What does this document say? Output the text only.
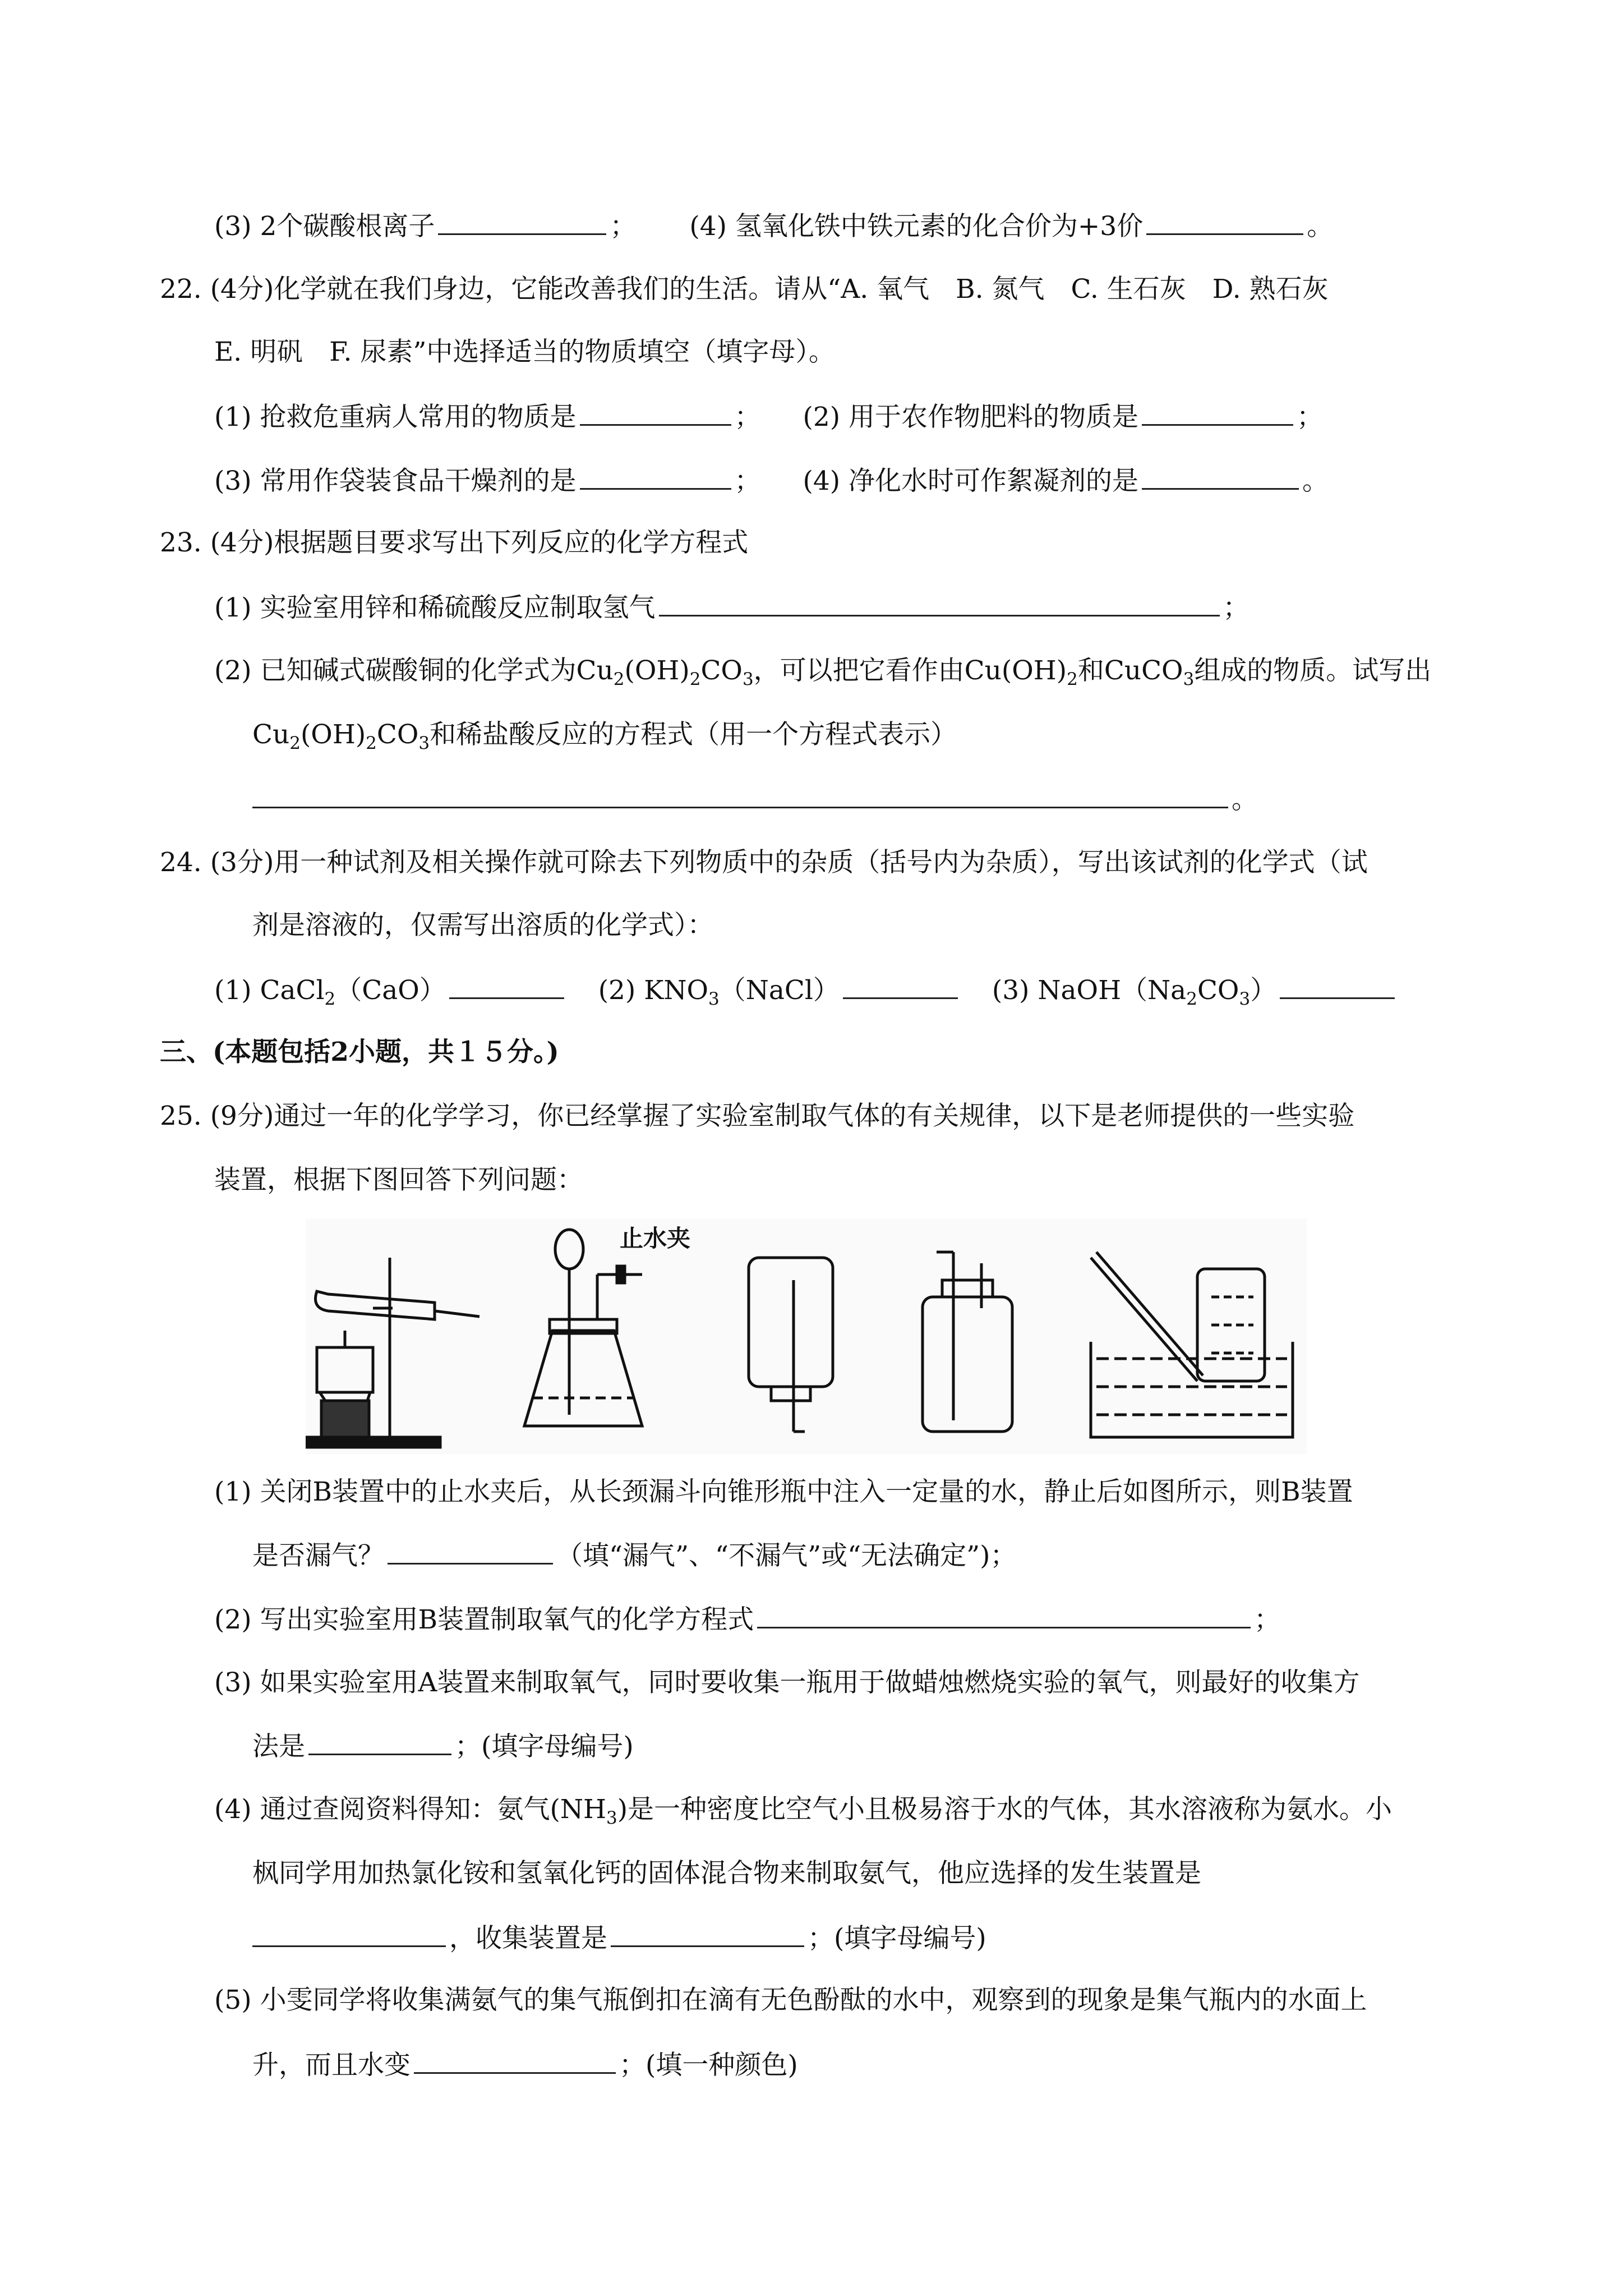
(3) 2个碳酸根离子	； (4) 氢氧化铁中铁元素的化合价为+3价	。
22. (4分)化学就在我们身边，它能改善我们的生活。请从“A. 氧气　B. 氮气　C. 生石灰　D. 熟石灰
E. 明矾　F. 尿素”中选择适当的物质填空（填字母）。
(1) 抢救危重病人常用的物质是	； (2) 用于农作物肥料的物质是	；
(3) 常用作袋装食品干燥剂的是	； (4) 净化水时可作絮凝剂的是	。
23. (4分)根据题目要求写出下列反应的化学方程式
(1) 实验室用锌和稀硫酸反应制取氢气	；
(2) 已知碱式碳酸铜的化学式为$Cu_2(OH)_2CO_3$，可以把它看作由$Cu(OH)_2$和CuCO$_3$组成的物质。试写出
$Cu_2(OH)_2CO_3$和稀盐酸反应的方程式（用一个方程式表示）
。
24. (3分)用一种试剂及相关操作就可除去下列物质中的杂质（括号内为杂质），写出该试剂的化学式（试
剂是溶液的，仅需写出溶质的化学式）：
(1) CaCl$_2$（CaO）	(2) $KNO_3(NaCl)$	(3) $NaOH(Na_2CO_3)$
三、(本题包括2小题，共１５分。)
25. (9分)通过一年的化学学习，你已经掌握了实验室制取气体的有关规律，以下是老师提供的一些实验
装置，根据下图回答下列问题：
止水夹
(1) 关闭B装置中的止水夹后，从长颈漏斗向锥形瓶中注入一定量的水，静止后如图所示，则B装置
是否漏气？	（填“漏气”、“不漏气”或“无法确定”)；
(2) 写出实验室用B装置制取氧气的化学方程式	；
(3) 如果实验室用A装置来制取氧气，同时要收集一瓶用于做蜡烛燃烧实验的氧气，则最好的收集方
法是	；(填字母编号)
(4) 通过查阅资料得知：氨气$(NH_3)$是一种密度比空气小且极易溶于水的气体，其水溶液称为氨水。小
枫同学用加热氯化铵和氢氧化钙的固体混合物来制取氨气，他应选择的发生装置是
，收集装置是	；(填字母编号)
(5) 小雯同学将收集满氨气的集气瓶倒扣在滴有无色酚酞的水中，观察到的现象是集气瓶内的水面上
升，而且水变	；(填一种颜色)
